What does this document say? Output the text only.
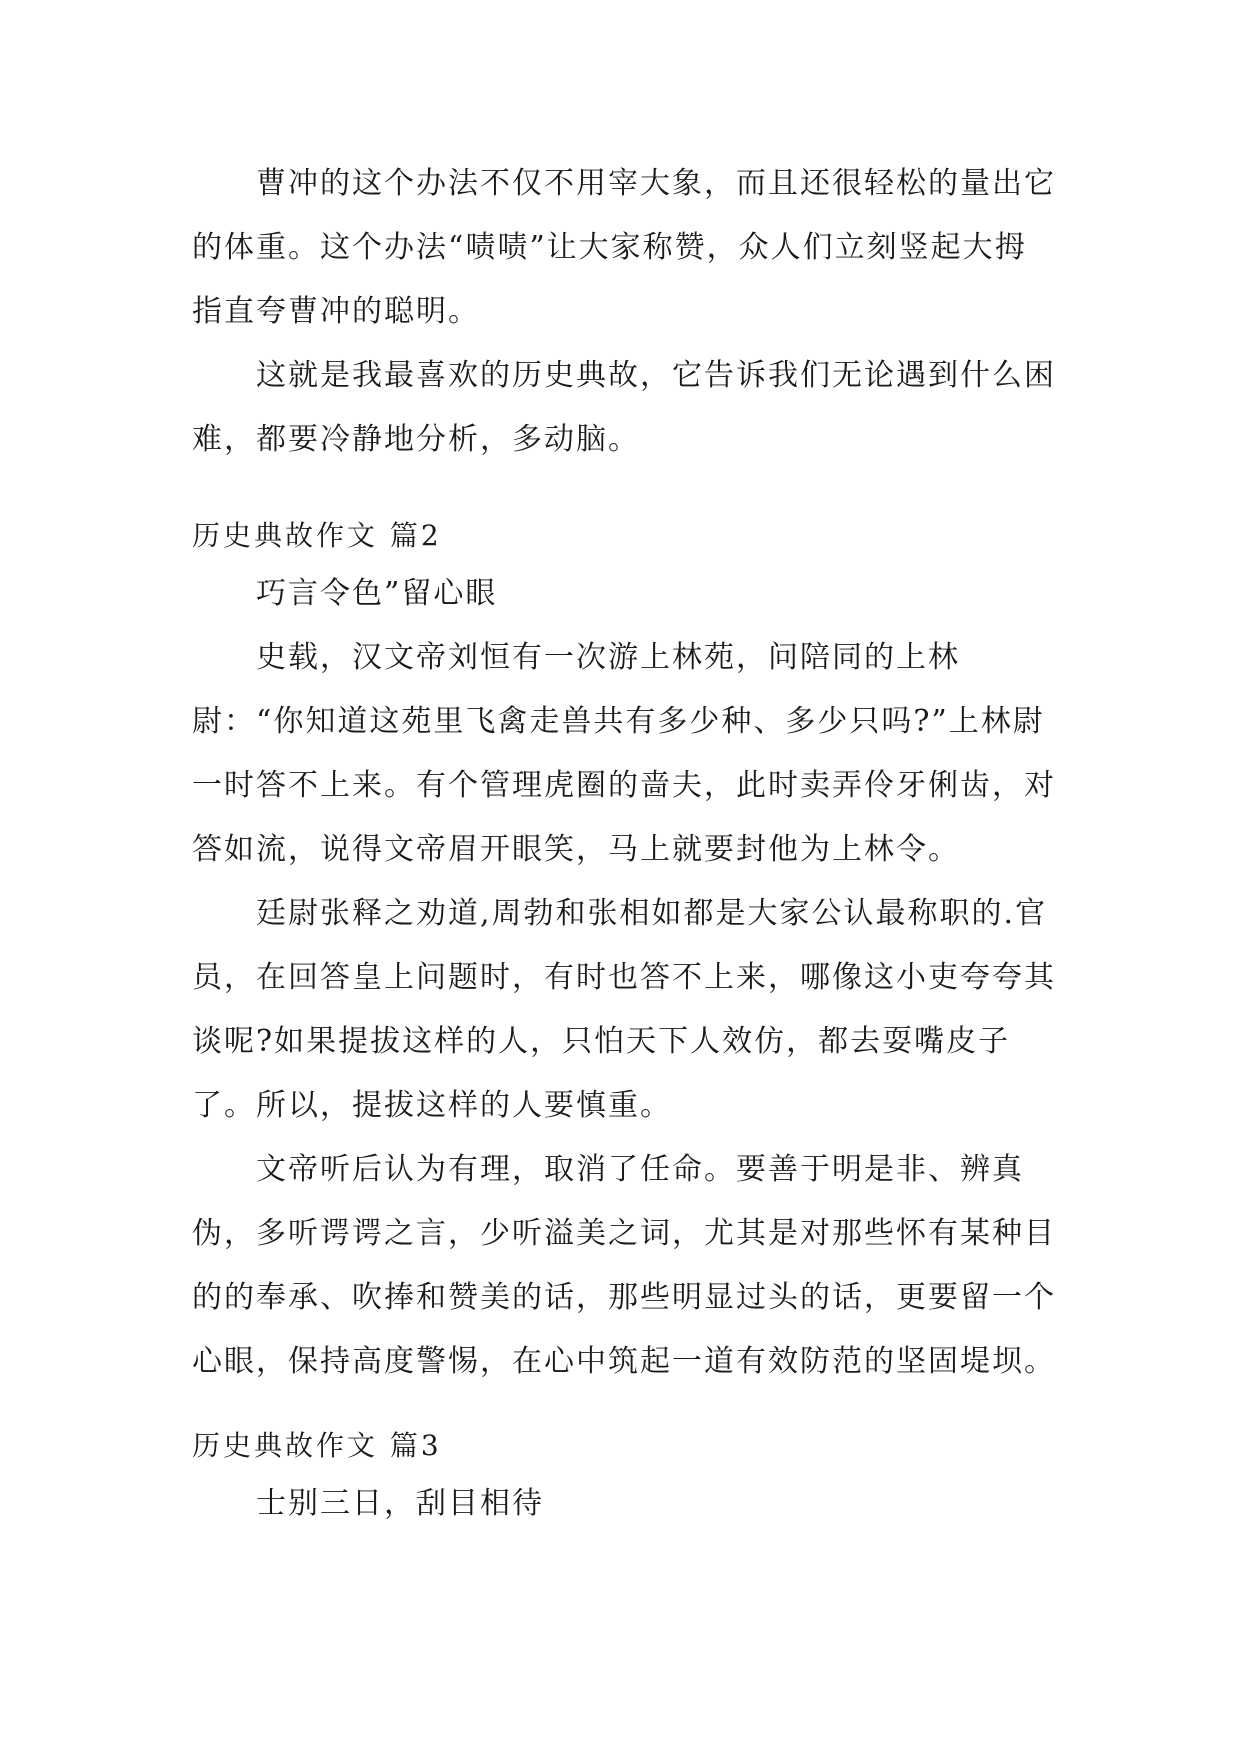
曹冲的这个办法不仅不用宰大象，而且还很轻松的量出它的体重。这个办法“啧啧”让大家称赞，众人们立刻竖起大拇指直夸曹冲的聪明。

这就是我最喜欢的历史典故，它告诉我们无论遇到什么困难，都要冷静地分析，多动脑。

历史典故作文 篇2

巧言令色”留心眼

史载，汉文帝刘恒有一次游上林苑，问陪同的上林尉：“你知道这苑里飞禽走兽共有多少种、多少只吗?”上林尉一时答不上来。有个管理虎圈的啬夫，此时卖弄伶牙俐齿，对答如流，说得文帝眉开眼笑，马上就要封他为上林令。

廷尉张释之劝道,周勃和张相如都是大家公认最称职的.官员，在回答皇上问题时，有时也答不上来，哪像这小吏夸夸其谈呢?如果提拔这样的人，只怕天下人效仿，都去耍嘴皮子了。所以，提拔这样的人要慎重。

文帝听后认为有理，取消了任命。要善于明是非、辨真伪，多听谔谔之言，少听溢美之词，尤其是对那些怀有某种目的的奉承、吹捧和赞美的话，那些明显过头的话，更要留一个心眼，保持高度警惕，在心中筑起一道有效防范的坚固堤坝。

历史典故作文 篇3

士别三日，刮目相待
